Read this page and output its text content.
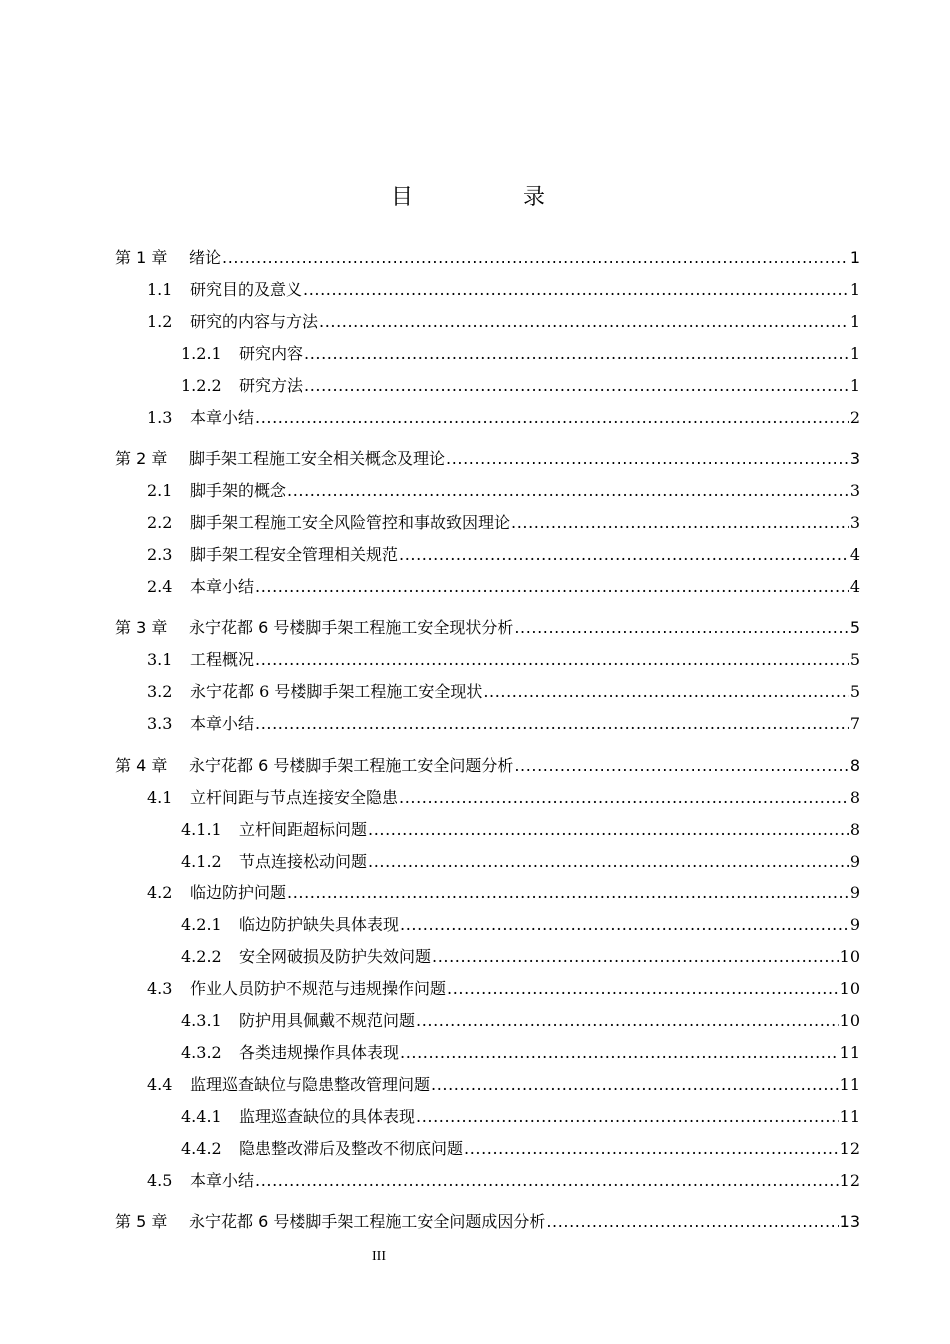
目　录
第 1 章	绪论 .....	1
1.1	研究目的及意义 .....	1
1.2	研究的内容与方法 .....	1
1.2.1	研究内容 .....	1
1.2.2	研究方法 .....	1
1.3	本章小结 .....	2
第 2 章	脚手架工程施工安全相关概念及理论 .....	3
2.1	脚手架的概念 .....	3
2.2	脚手架工程施工安全风险管控和事故致因理论 .....	3
2.3	脚手架工程安全管理相关规范 .....	4
2.4	本章小结 .....	4
第 3 章	永宁花都 6 号楼脚手架工程施工安全现状分析 .....	5
3.1	工程概况 .....	5
3.2	永宁花都 6 号楼脚手架工程施工安全现状 .....	5
3.3	本章小结 .....	7
第 4 章	永宁花都 6 号楼脚手架工程施工安全问题分析 .....	8
4.1	立杆间距与节点连接安全隐患 .....	8
4.1.1	立杆间距超标问题 .....	8
4.1.2	节点连接松动问题 .....	9
4.2	临边防护问题 .....	9
4.2.1	临边防护缺失具体表现 .....	9
4.2.2	安全网破损及防护失效问题 .....	10
4.3	作业人员防护不规范与违规操作问题 .....	10
4.3.1	防护用具佩戴不规范问题 .....	10
4.3.2	各类违规操作具体表现 .....	11
4.4	监理巡查缺位与隐患整改管理问题 .....	11
4.4.1	监理巡查缺位的具体表现 .....	11
4.4.2	隐患整改滞后及整改不彻底问题 .....	12
4.5	本章小结 .....	12
第 5 章	永宁花都 6 号楼脚手架工程施工安全问题成因分析 .....	13
III
